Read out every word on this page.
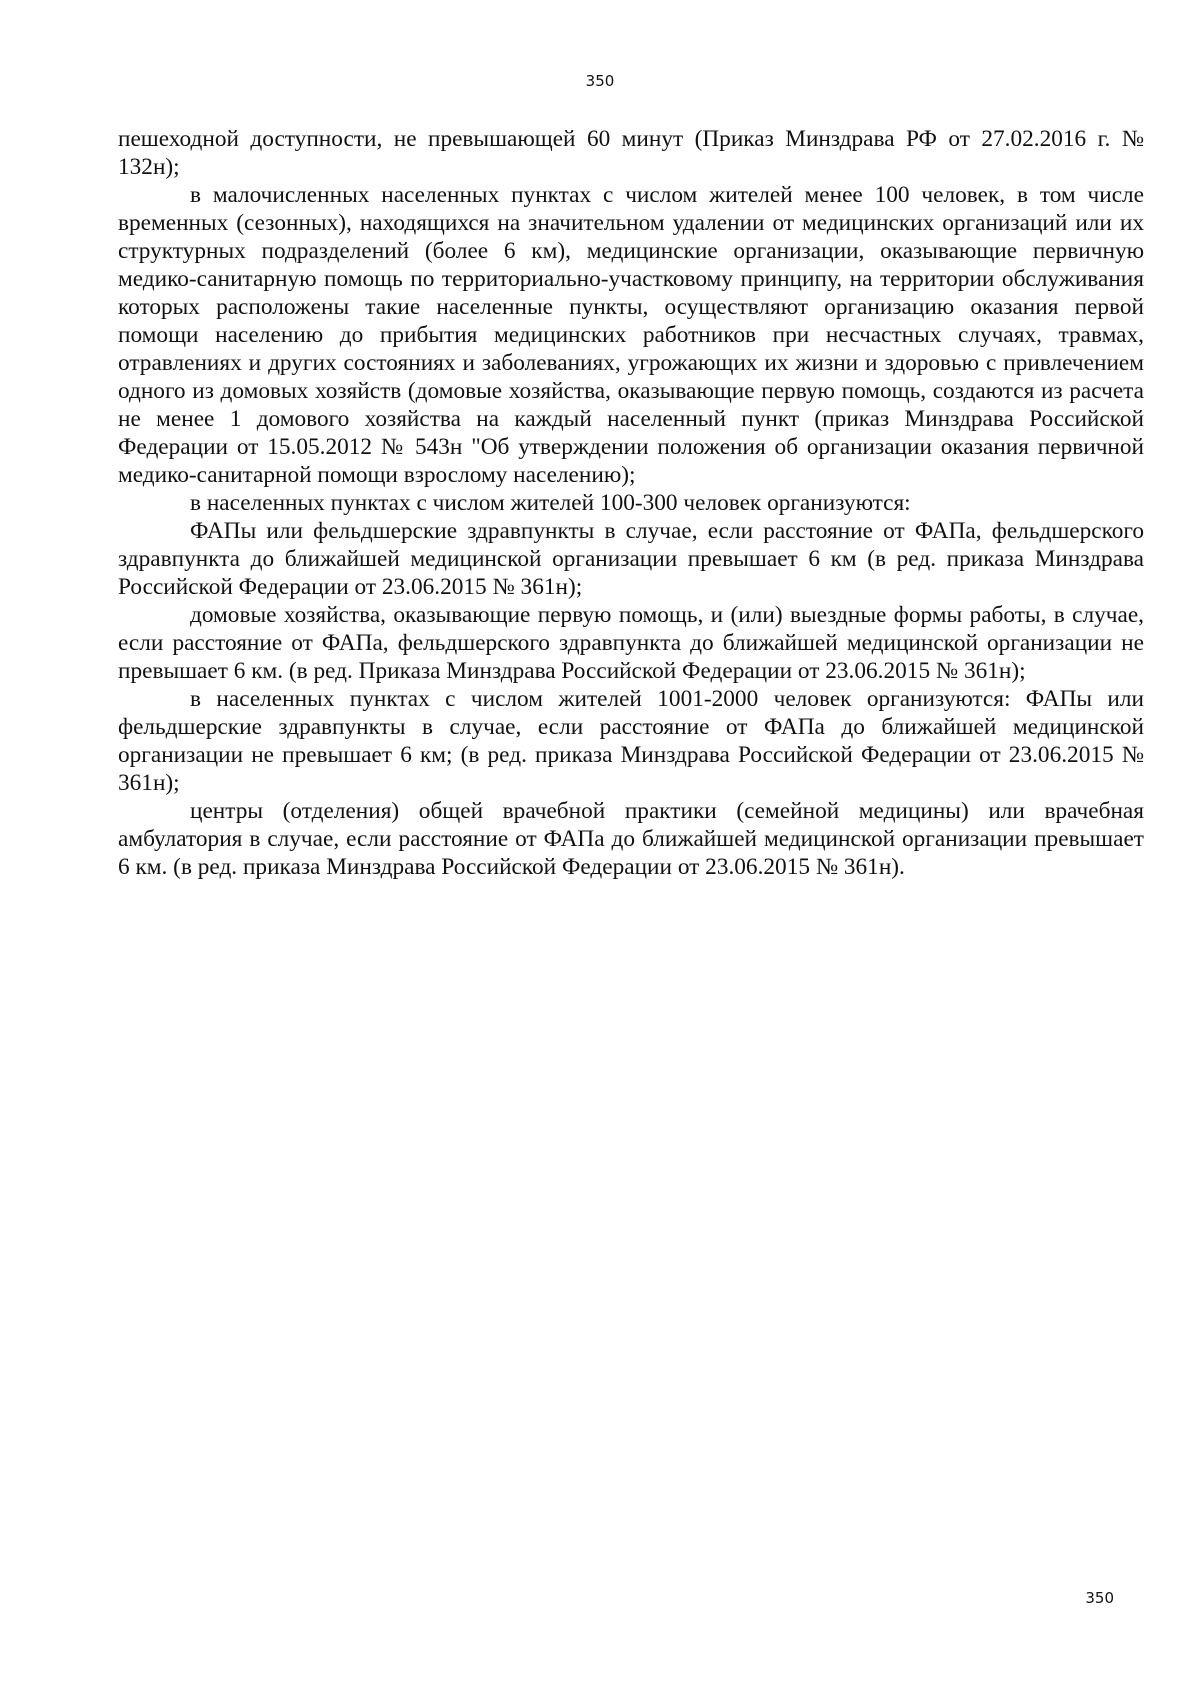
350

пешеходной доступности, не превышающей 60 минут (Приказ Минздрава РФ от 27.02.2016 г. № 132н);

в малочисленных населенных пунктах с числом жителей менее 100 человек, в том числе временных (сезонных), находящихся на значительном удалении от медицинских организаций или их структурных подразделений (более 6 км), медицинские организации, оказывающие первичную медико-санитарную помощь по территориально-участковому принципу, на территории обслуживания которых расположены такие населенные пункты, осуществляют организацию оказания первой помощи населению до прибытия медицинских работников при несчастных случаях, травмах, отравлениях и других состояниях и заболеваниях, угрожающих их жизни и здоровью с привлечением одного из домовых хозяйств (домовые хозяйства, оказывающие первую помощь, создаются из расчета не менее 1 домового хозяйства на каждый населенный пункт (приказ Минздрава Российской Федерации от 15.05.2012 № 543н "Об утверждении положения об организации оказания первичной медико-санитарной помощи взрослому населению);

в населенных пунктах с числом жителей 100-300 человек организуются:

ФАПы или фельдшерские здравпункты в случае, если расстояние от ФАПа, фельдшерского здравпункта до ближайшей медицинской организации превышает 6 км (в ред. приказа Минздрава Российской Федерации от 23.06.2015 № 361н);

домовые хозяйства, оказывающие первую помощь, и (или) выездные формы работы, в случае, если расстояние от ФАПа, фельдшерского здравпункта до ближайшей медицинской организации не превышает 6 км. (в ред. Приказа Минздрава Российской Федерации от 23.06.2015 № 361н);

в населенных пунктах с числом жителей 1001-2000 человек организуются: ФАПы или фельдшерские здравпункты в случае, если расстояние от ФАПа до ближайшей медицинской организации не превышает 6 км; (в ред. приказа Минздрава Российской Федерации от 23.06.2015 № 361н);

центры (отделения) общей врачебной практики (семейной медицины) или врачебная амбулатория в случае, если расстояние от ФАПа до ближайшей медицинской организации превышает 6 км. (в ред. приказа Минздрава Российской Федерации от 23.06.2015 № 361н).

350
